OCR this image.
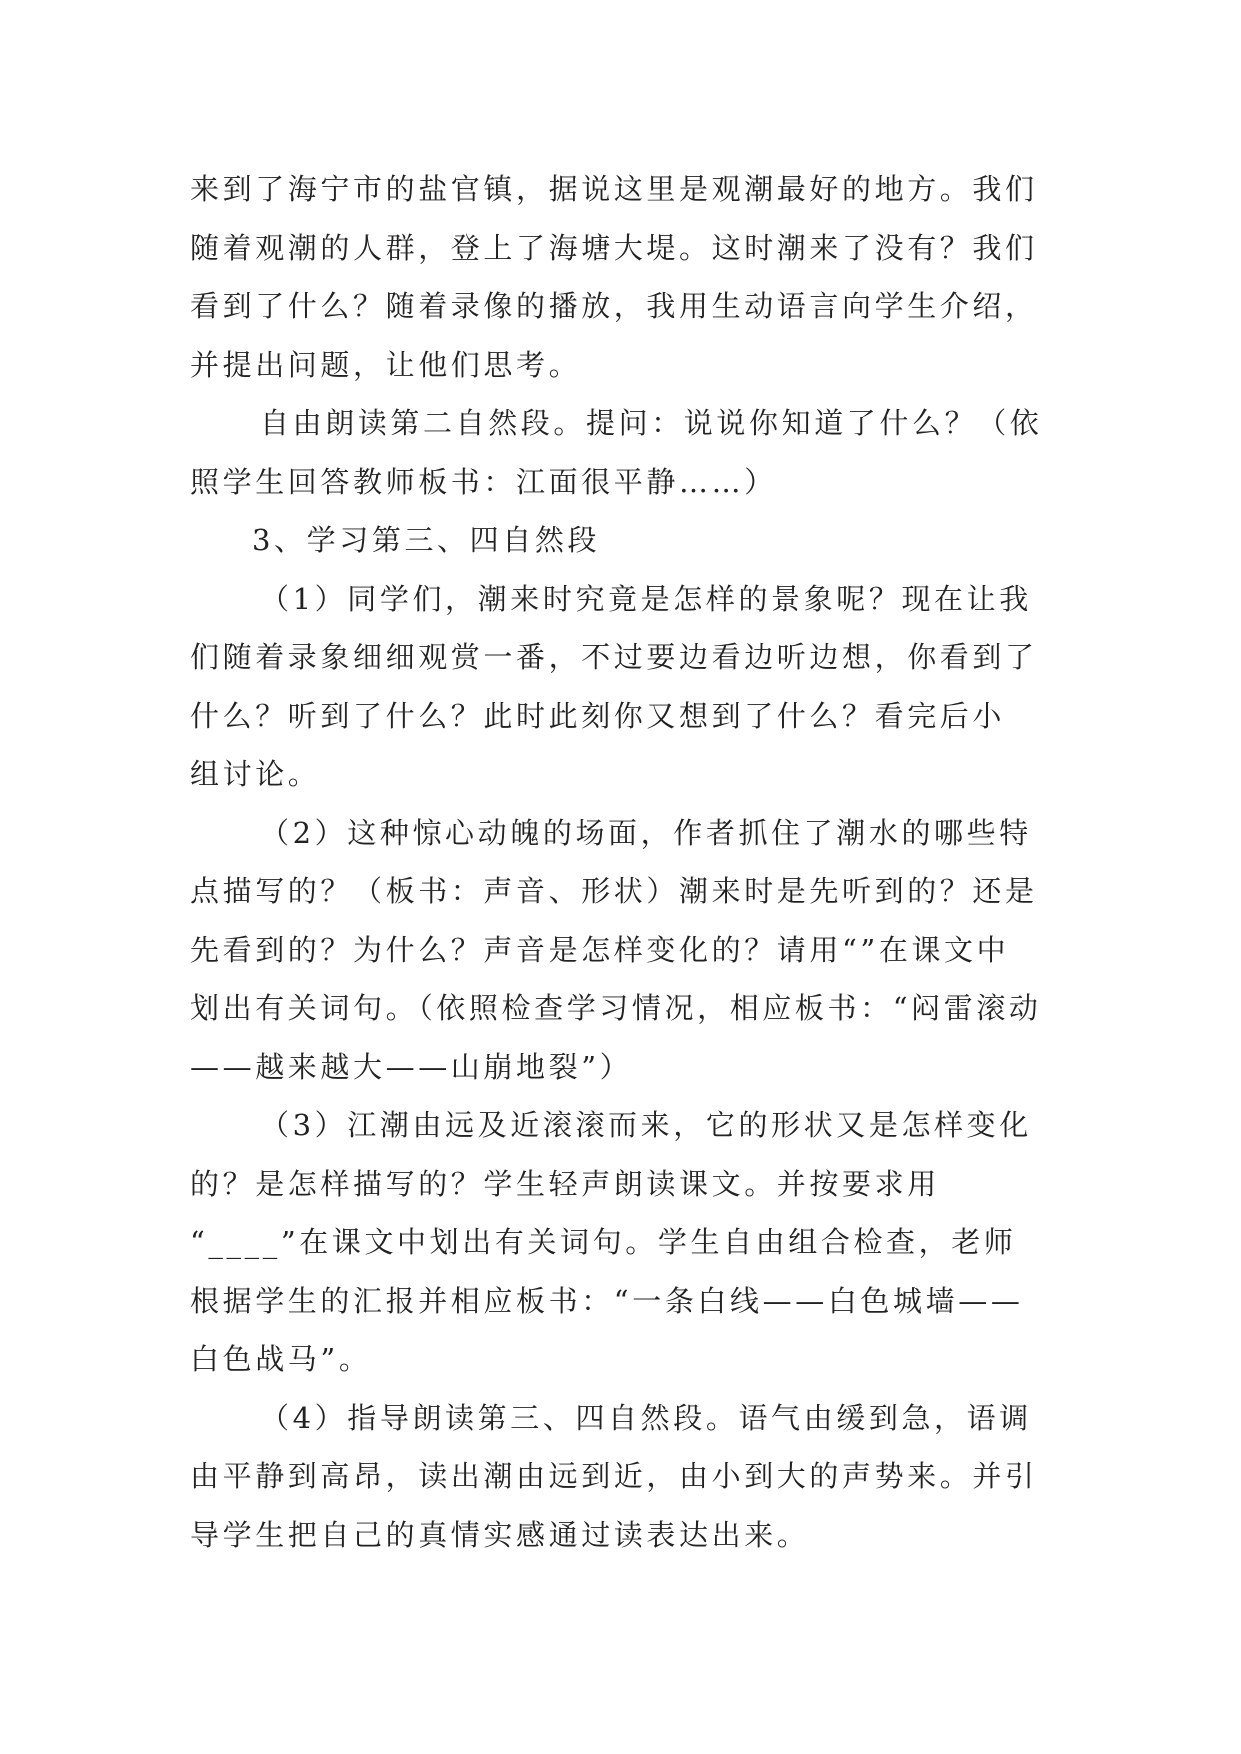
来到了海宁市的盐官镇，据说这里是观潮最好的地方。我们
随着观潮的人群，登上了海塘大堤。这时潮来了没有？我们
看到了什么？随着录像的播放，我用生动语言向学生介绍，
并提出问题，让他们思考。
自由朗读第二自然段。提问：说说你知道了什么？（依
照学生回答教师板书：江面很平静……）
3、学习第三、四自然段
（1）同学们，潮来时究竟是怎样的景象呢？现在让我
们随着录象细细观赏一番，不过要边看边听边想，你看到了
什么？听到了什么？此时此刻你又想到了什么？看完后小
组讨论。
（2）这种惊心动魄的场面，作者抓住了潮水的哪些特
点描写的？（板书：声音、形状）潮来时是先听到的？还是
先看到的？为什么？声音是怎样变化的？请用“”在课文中
划出有关词句。（依照检查学习情况，相应板书：“闷雷滚动
——越来越大——山崩地裂”）
（3）江潮由远及近滚滚而来，它的形状又是怎样变化
的？是怎样描写的？学生轻声朗读课文。并按要求用
“____”在课文中划出有关词句。学生自由组合检查，老师
根据学生的汇报并相应板书：“一条白线——白色城墙——
白色战马”。
（4）指导朗读第三、四自然段。语气由缓到急，语调
由平静到高昂，读出潮由远到近，由小到大的声势来。并引
导学生把自己的真情实感通过读表达出来。
